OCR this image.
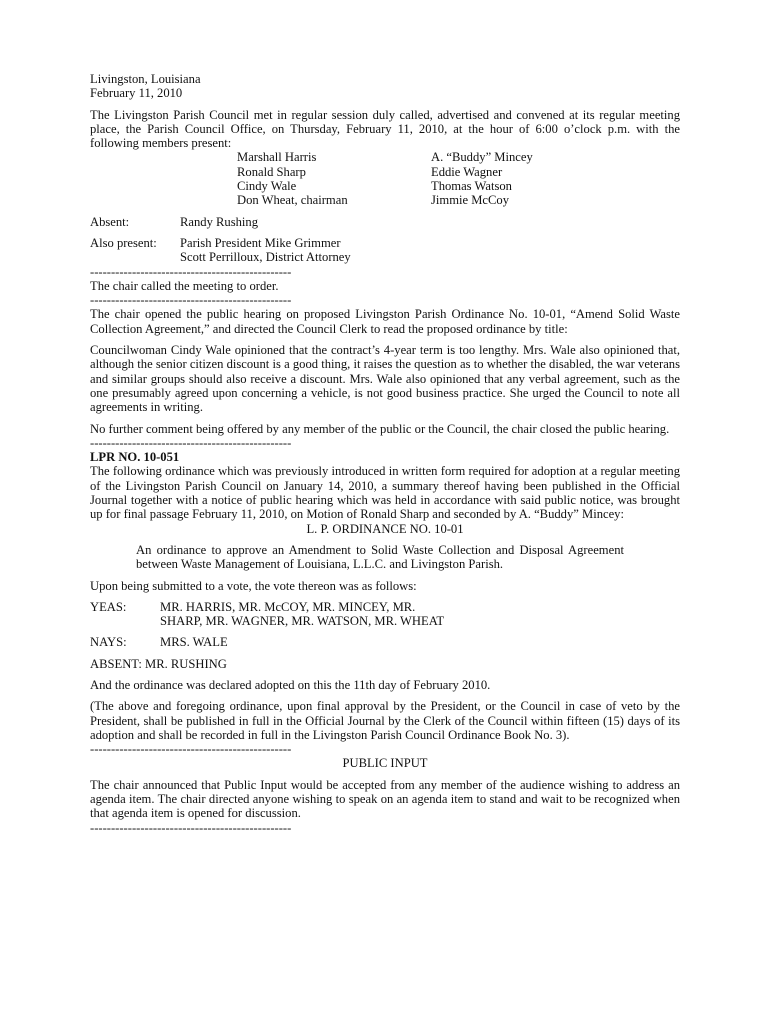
Livingston, Louisiana

February 11, 2010

The Livingston Parish Council met in regular session duly called, advertised and convened at its regular meeting place, the Parish Council Office, on Thursday, February 11, 2010, at the hour of 6:00 o’clock p.m. with the following members present:

Marshall Harris	A. “Buddy” Mincey
Ronald Sharp	Eddie Wagner
Cindy Wale	Thomas Watson
Don Wheat, chairman	Jimmie McCoy
Absent:	Randy Rushing
Also present:	Parish President Mike Grimmer
Scott Perrilloux, District Attorney

------------------------------------------------

The chair called the meeting to order.

------------------------------------------------

The chair opened the public hearing on proposed Livingston Parish Ordinance No. 10-01, “Amend Solid Waste Collection Agreement,” and directed the Council Clerk to read the proposed ordinance by title:

Councilwoman Cindy Wale opinioned that the contract’s 4-year term is too lengthy. Mrs. Wale also opinioned that, although the senior citizen discount is a good thing, it raises the question as to whether the disabled, the war veterans and similar groups should also receive a discount. Mrs. Wale also opinioned that any verbal agreement, such as the one presumably agreed upon concerning a vehicle, is not good business practice. She urged the Council to note all agreements in writing.

No further comment being offered by any member of the public or the Council, the chair closed the public hearing.

------------------------------------------------

LPR NO. 10-051

The following ordinance which was previously introduced in written form required for adoption at a regular meeting of the Livingston Parish Council on January 14, 2010, a summary thereof having been published in the Official Journal together with a notice of public hearing which was held in accordance with said public notice, was brought up for final passage February 11, 2010, on Motion of Ronald Sharp and seconded by A. “Buddy” Mincey:

L. P. ORDINANCE NO. 10-01

An ordinance to approve an Amendment to Solid Waste Collection and Disposal Agreement between Waste Management of Louisiana, L.L.C. and Livingston Parish.

Upon being submitted to a vote, the vote thereon was as follows:

YEAS:	MR. HARRIS, MR. McCOY, MR. MINCEY, MR.
SHARP, MR. WAGNER, MR. WATSON, MR. WHEAT
NAYS:	MRS. WALE

ABSENT: MR. RUSHING

And the ordinance was declared adopted on this the 11th day of February 2010.

(The above and foregoing ordinance, upon final approval by the President, or the Council in case of veto by the President, shall be published in full in the Official Journal by the Clerk of the Council within fifteen (15) days of its adoption and shall be recorded in full in the Livingston Parish Council Ordinance Book No. 3).

------------------------------------------------

PUBLIC INPUT

The chair announced that Public Input would be accepted from any member of the audience wishing to address an agenda item. The chair directed anyone wishing to speak on an agenda item to stand and wait to be recognized when that agenda item is opened for discussion.

------------------------------------------------
